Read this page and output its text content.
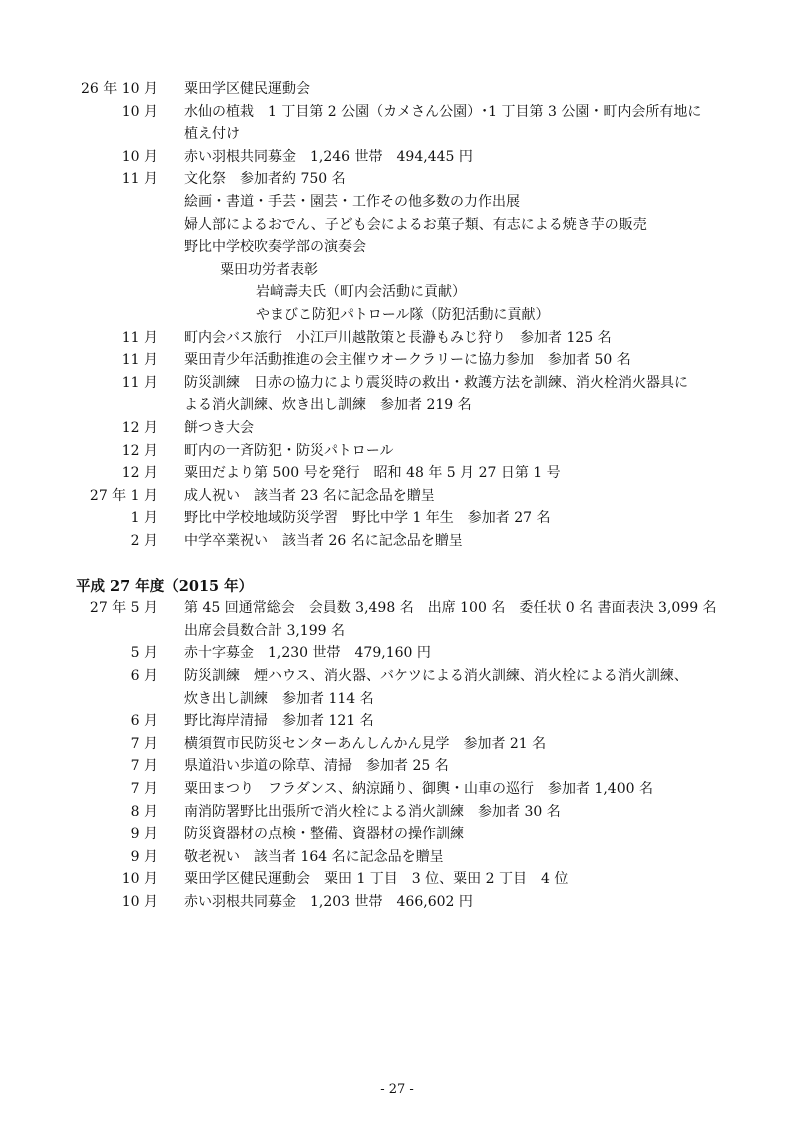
- 27 -
26 年 10 月 粟田学区健民運動会
10 月 水仙の植栽　1 丁目第 2 公園（カメさん公園）･1 丁目第 3 公園・町内会所有地に
植え付け
10 月 赤い羽根共同募金　1,246 世帯　494,445 円
11 月 文化祭　参加者約 750 名
絵画・書道・手芸・園芸・工作その他多数の力作出展
婦人部によるおでん、子ども会によるお菓子類、有志による焼き芋の販売
野比中学校吹奏学部の演奏会
粟田功労者表彰
岩﨑壽夫氏（町内会活動に貢献）
やまびこ防犯パトロール隊（防犯活動に貢献）
11 月 町内会バス旅行　小江戸川越散策と長瀞もみじ狩り　参加者 125 名
11 月 粟田青少年活動推進の会主催ウオークラリーに協力参加　参加者 50 名
11 月 防災訓練　日赤の協力により震災時の救出・救護方法を訓練、消火栓消火器具に
よる消火訓練、炊き出し訓練　参加者 219 名
12 月 餅つき大会
12 月 町内の一斉防犯・防災パトロール
12 月 粟田だより第 500 号を発行　昭和 48 年 5 月 27 日第 1 号
27 年 1 月 成人祝い　該当者 23 名に記念品を贈呈
1 月 野比中学校地域防災学習　野比中学 1 年生　参加者 27 名
2 月 中学卒業祝い　該当者 26 名に記念品を贈呈
平成 27 年度（2015 年）
27 年 5 月 第 45 回通常総会　会員数 3,498 名　出席 100 名　委任状 0 名 書面表決 3,099 名
出席会員数合計 3,199 名
5 月 赤十字募金　1,230 世帯　479,160 円
6 月 防災訓練　煙ハウス、消火器、バケツによる消火訓練、消火栓による消火訓練、
炊き出し訓練　参加者 114 名
6 月 野比海岸清掃　参加者 121 名
7 月 横須賀市民防災センターあんしんかん見学　参加者 21 名
7 月 県道沿い歩道の除草、清掃　参加者 25 名
7 月 粟田まつり　フラダンス、納涼踊り、御輿・山車の巡行　参加者 1,400 名
8 月 南消防署野比出張所で消火栓による消火訓練　参加者 30 名
9 月 防災資器材の点検・整備、資器材の操作訓練
9 月 敬老祝い　該当者 164 名に記念品を贈呈
10 月 粟田学区健民運動会　粟田 1 丁目　3 位、粟田 2 丁目　4 位
10 月 赤い羽根共同募金　1,203 世帯　466,602 円
